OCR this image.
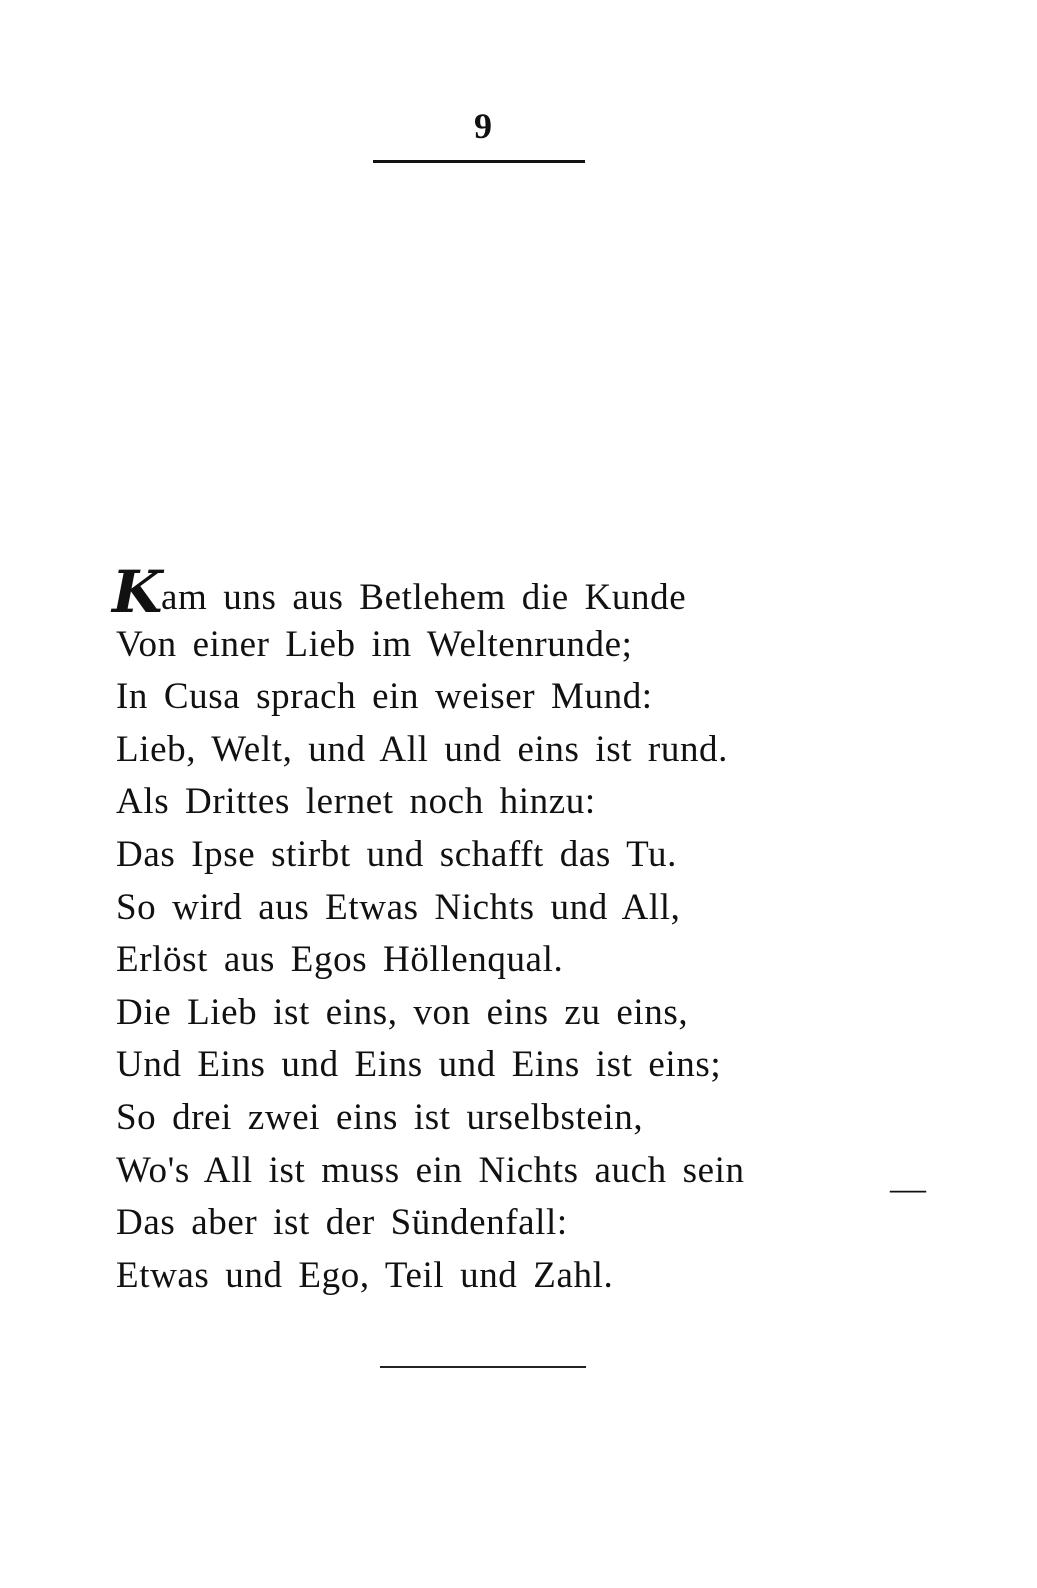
9
Kam uns aus Betlehem die Kunde
Von einer Lieb im Weltenrunde;
In Cusa sprach ein weiser Mund:
Lieb, Welt, und All und eins ist rund.
Als Drittes lernet noch hinzu:
Das Ipse stirbt und schafft das Tu.
So wird aus Etwas Nichts und All,
Erlöst aus Egos Höllenqual.
Die Lieb ist eins, von eins zu eins,
Und Eins und Eins und Eins ist eins;
So drei zwei eins ist urselbstein,
Wo's All ist muss ein Nichts auch sein
Das aber ist der Sündenfall:
Etwas und Ego, Teil und Zahl.
—
